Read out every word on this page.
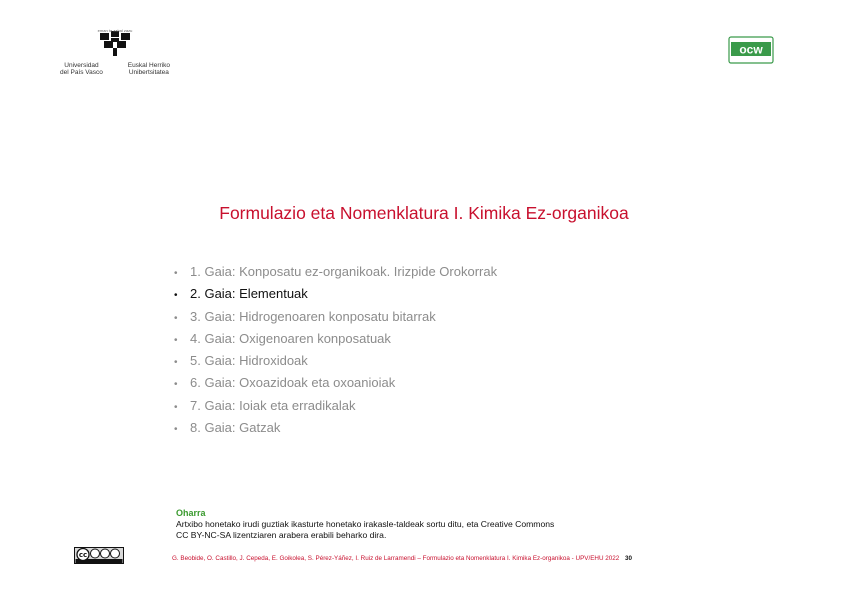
eman ta zabal zazu
Universidad
del País Vasco
Euskal Herriko
Unibertsitatea
ocw
Formulazio eta Nomenklatura I. Kimika Ez-organikoa
• 1. Gaia: Konposatu ez-organikoak. Irizpide Orokorrak
• 2. Gaia: Elementuak
• 3. Gaia: Hidrogenoaren konposatu bitarrak
• 4. Gaia: Oxigenoaren konposatuak
• 5. Gaia: Hidroxidoak
• 6. Gaia: Oxoazidoak eta oxoanioiak
• 7. Gaia: Ioiak eta erradikalak
• 8. Gaia: Gatzak
Oharra
Artxibo honetako irudi guztiak ikasturte honetako irakasle-taldeak sortu ditu, eta Creative Commons
CC BY-NC-SA lizentziaren arabera erabili beharko dira.
cc	G. Beobide, O. Castillo, J. Cepeda, E. Goikolea, S. Pérez-Yáñez, I. Ruiz de Larramendi – Formulazio eta Nomenklatura I. Kimika Ez-organikoa - UPV/EHU 2022 30
